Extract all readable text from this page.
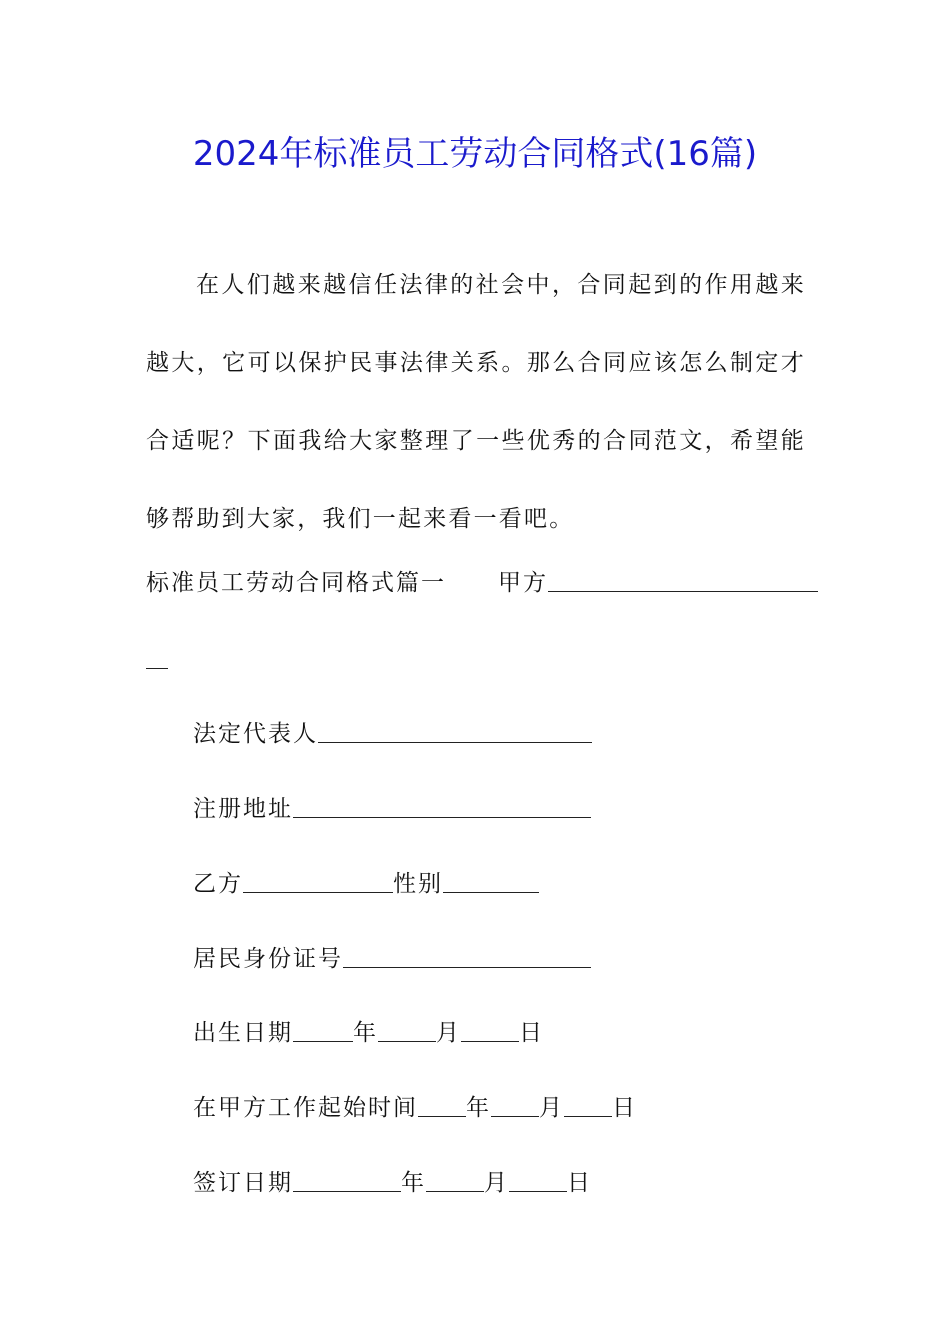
2024年标准员工劳动合同格式(16篇)
在人们越来越信任法律的社会中，合同起到的作用越来越大，它可以保护民事法律关系。那么合同应该怎么制定才合适呢？下面我给大家整理了一些优秀的合同范文，希望能够帮助到大家，我们一起来看一看吧。
标准员工劳动合同格式篇一 甲方
法定代表人
注册地址
乙方	性别
居民身份证号
出生日期	年	月	日
在甲方工作起始时间 年 月 日
签订日期	年	月	日
